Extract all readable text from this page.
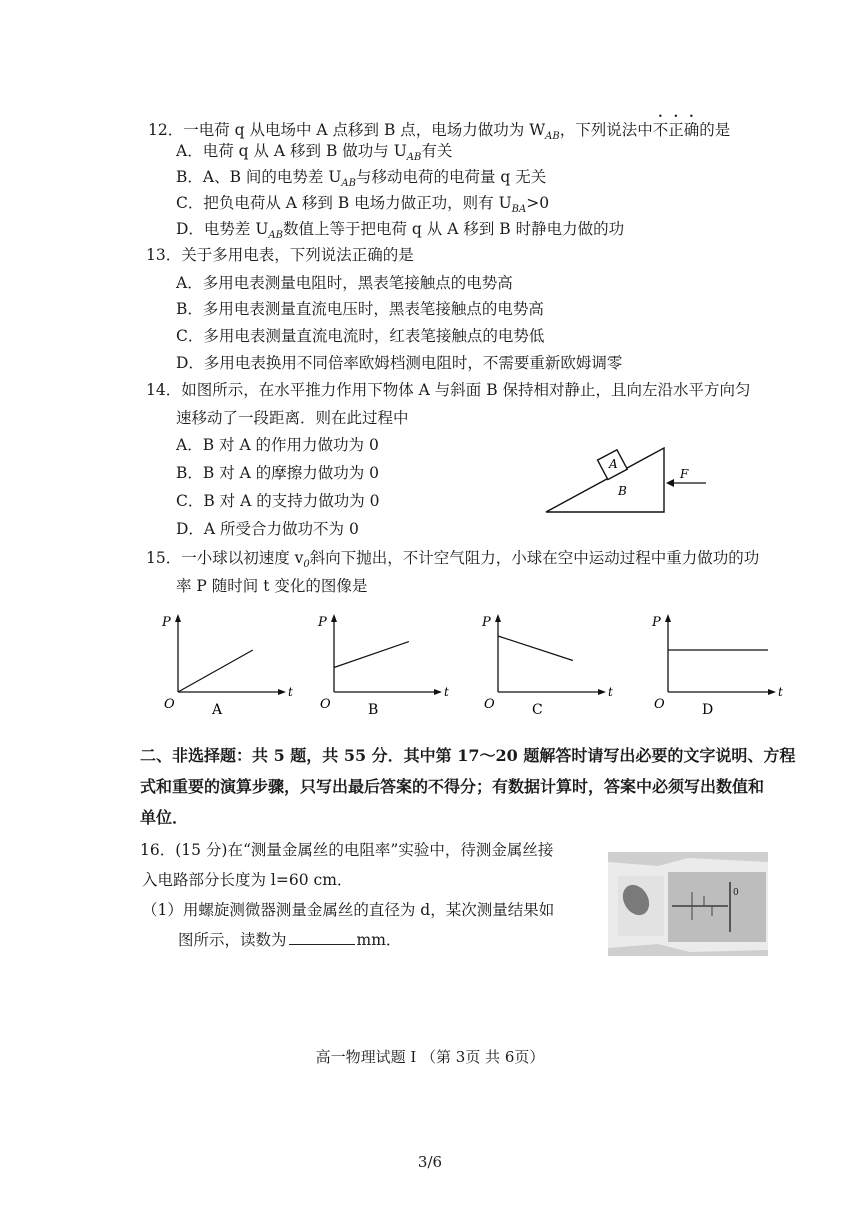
12．一电荷 q 从电场中 A 点移到 B 点，电场力做功为 $W_{AB}$，下列说法中不正确的是
A．电荷 q 从 A 移到 B 做功与 $U_{AB}$有关
B．A、B 间的电势差 $U_{AB}$与移动电荷的电荷量 q 无关
C．把负电荷从 A 移到 B 电场力做正功，则有 $U_{BA}>0$
D．电势差 $U_{AB}$数值上等于把电荷 q 从 A 移到 B 时静电力做的功
13．关于多用电表，下列说法正确的是
A．多用电表测量电阻时，黑表笔接触点的电势高
B．多用电表测量直流电压时，黑表笔接触点的电势高
C．多用电表测量直流电流时，红表笔接触点的电势低
D．多用电表换用不同倍率欧姆档测电阻时，不需要重新欧姆调零
14．如图所示，在水平推力作用下物体 A 与斜面 B 保持相对静止，且向左沿水平方向匀
速移动了一段距离．则在此过程中
A．B 对 A 的作用力做功为 0
B．B 对 A 的摩擦力做功为 0
C．B 对 A 的支持力做功为 0
D．A 所受合力做功不为 0
A
B
F
15．一小球以初速度 $v_0$斜向下抛出，不计空气阻力，小球在空中运动过程中重力做功的功
率 P 随时间 t 变化的图像是
P
t
O	A
P
t
O	B
P
t
O	C
P
t
O	D
二、非选择题：共 5 题，共 55 分．其中第 17～20 题解答时请写出必要的文字说明、方程
式和重要的演算步骤，只写出最后答案的不得分；有数据计算时，答案中必须写出数值和
单位．
16．(15 分)在“测量金属丝的电阻率”实验中，待测金属丝接
入电路部分长度为 l=60 cm．
（1）用螺旋测微器测量金属丝的直径为 d，某次测量结果如
图所示，读数为	mm．
0
高一物理试题 I （第 3页 共 6页）
3/6
